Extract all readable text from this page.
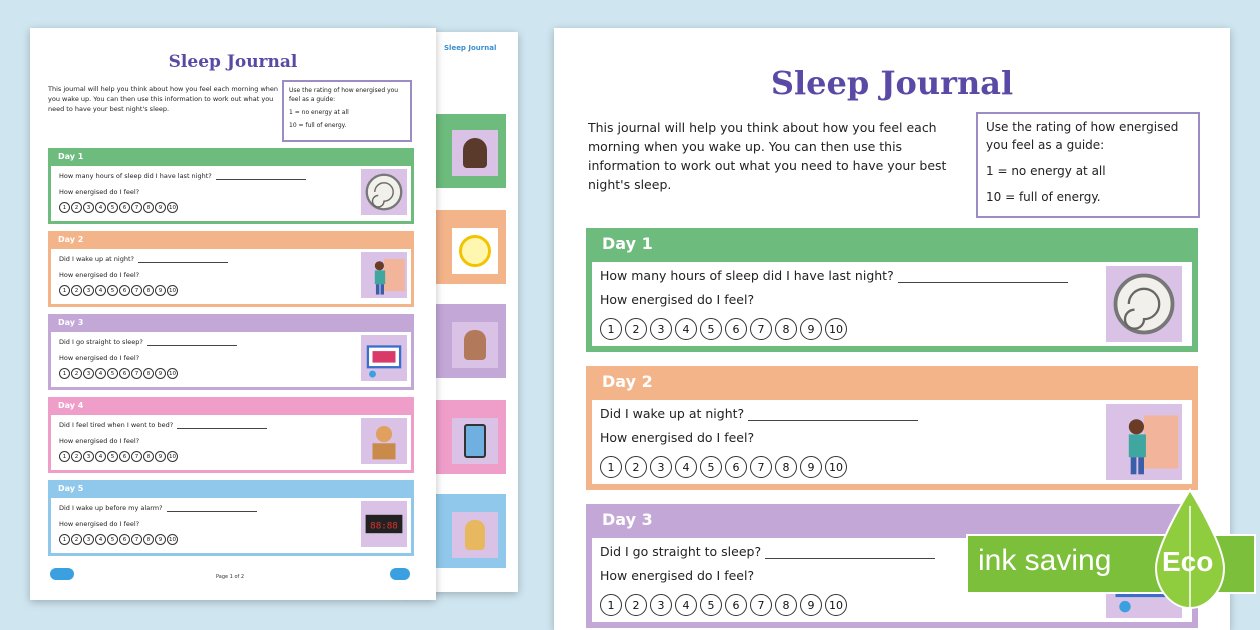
Sleep Journal
Sleep Journal
This journal will help you think about how you feel each morning when you wake up. You can then use this information to work out what you need to have your best night's sleep.
Use the rating of how energised you feel as a guide:
1 = no energy at all
10 = full of energy.
Day 1
How many hours of sleep did I have last night?
How energised do I feel?
1	2	3	4	5	6	7	8	9	10
Day 2
Did I wake up at night?
How energised do I feel?
1	2	3	4	5	6	7	8	9	10
Day 3
Did I go straight to sleep?
How energised do I feel?
1	2	3	4	5	6	7	8	9	10
Day 4
Did I feel tired when I went to bed?
How energised do I feel?
1	2	3	4	5	6	7	8	9	10
Day 5
Did I wake up before my alarm?
How energised do I feel?
1	2	3	4	5	6	7	8	9	10
88:88
Page 1 of 2
Sleep Journal
This journal will help you think about how you feel each morning when you wake up. You can then use this information to work out what you need to have your best night's sleep.
Use the rating of how energised you feel as a guide:
1 = no energy at all
10 = full of energy.
Day 1
How many hours of sleep did I have last night?
How energised do I feel?
1	2	3	4	5	6	7	8	9	10
Day 2
Did I wake up at night?
How energised do I feel?
1	2	3	4	5	6	7	8	9	10
Day 3
Did I go straight to sleep?
How energised do I feel?
1	2	3	4	5	6	7	8	9	10
ink saving Eco
